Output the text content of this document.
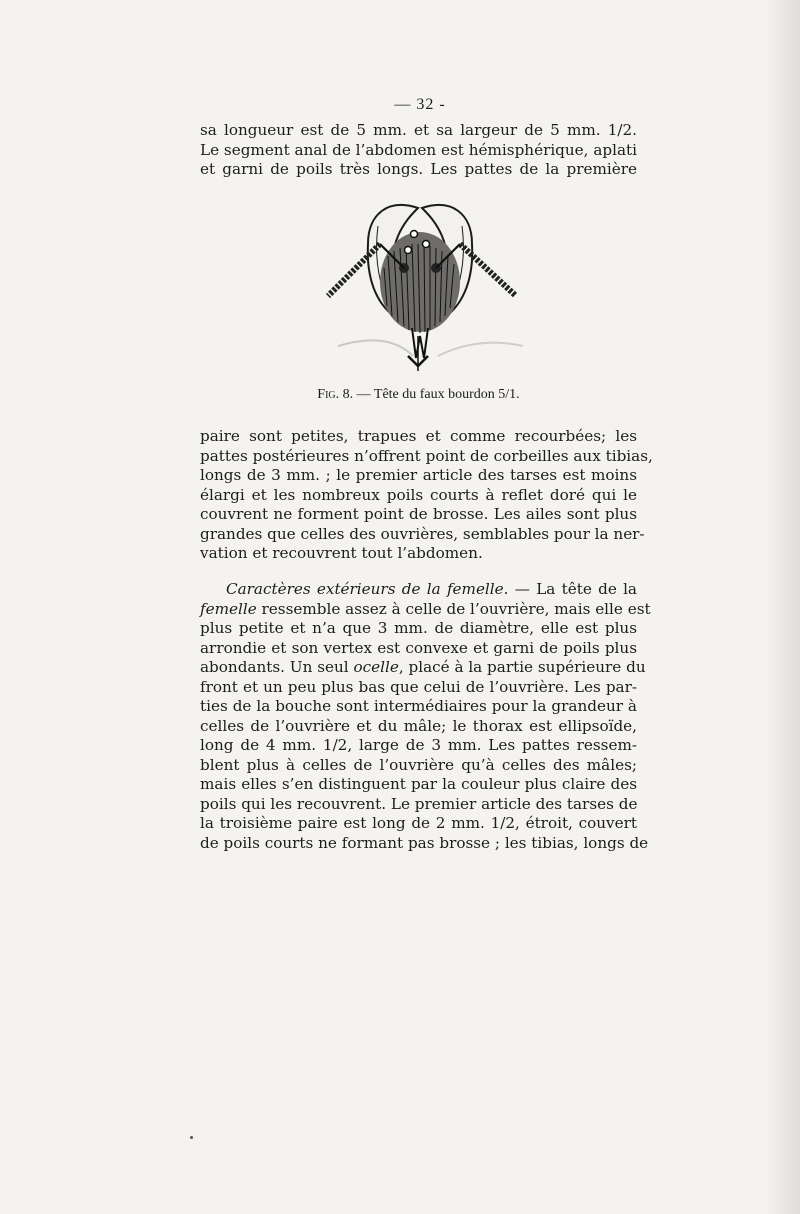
— 32 -
sa longueur est de 5 mm. et sa largeur de 5 mm. 1/2.
Le segment anal de l’abdomen est hémisphérique, aplati
et garni de poils très longs. Les pattes de la première
Fig. 8. — Tête du faux bourdon 5/1.
paire sont petites, trapues et comme recourbées; les
pattes postérieures n’offrent point de corbeilles aux tibias,
longs de 3 mm. ; le premier article des tarses est moins
élargi et les nombreux poils courts à reflet doré qui le
couvrent ne forment point de brosse. Les ailes sont plus
grandes que celles des ouvrières, semblables pour la ner-
vation et recouvrent tout l’abdomen.
Caractères extérieurs de la femelle. — La tête de la
femelle ressemble assez à celle de l’ouvrière, mais elle est
plus petite et n’a que 3 mm. de diamètre, elle est plus
arrondie et son vertex est convexe et garni de poils plus
abondants. Un seul ocelle, placé à la partie supérieure du
front et un peu plus bas que celui de l’ouvrière. Les par-
ties de la bouche sont intermédiaires pour la grandeur à
celles de l’ouvrière et du mâle; le thorax est ellipsoïde,
long de 4 mm. 1/2, large de 3 mm. Les pattes ressem-
blent plus à celles de l’ouvrière qu’à celles des mâles;
mais elles s’en distinguent par la couleur plus claire des
poils qui les recouvrent. Le premier article des tarses de
la troisième paire est long de 2 mm. 1/2, étroit, couvert
de poils courts ne formant pas brosse ; les tibias, longs de
